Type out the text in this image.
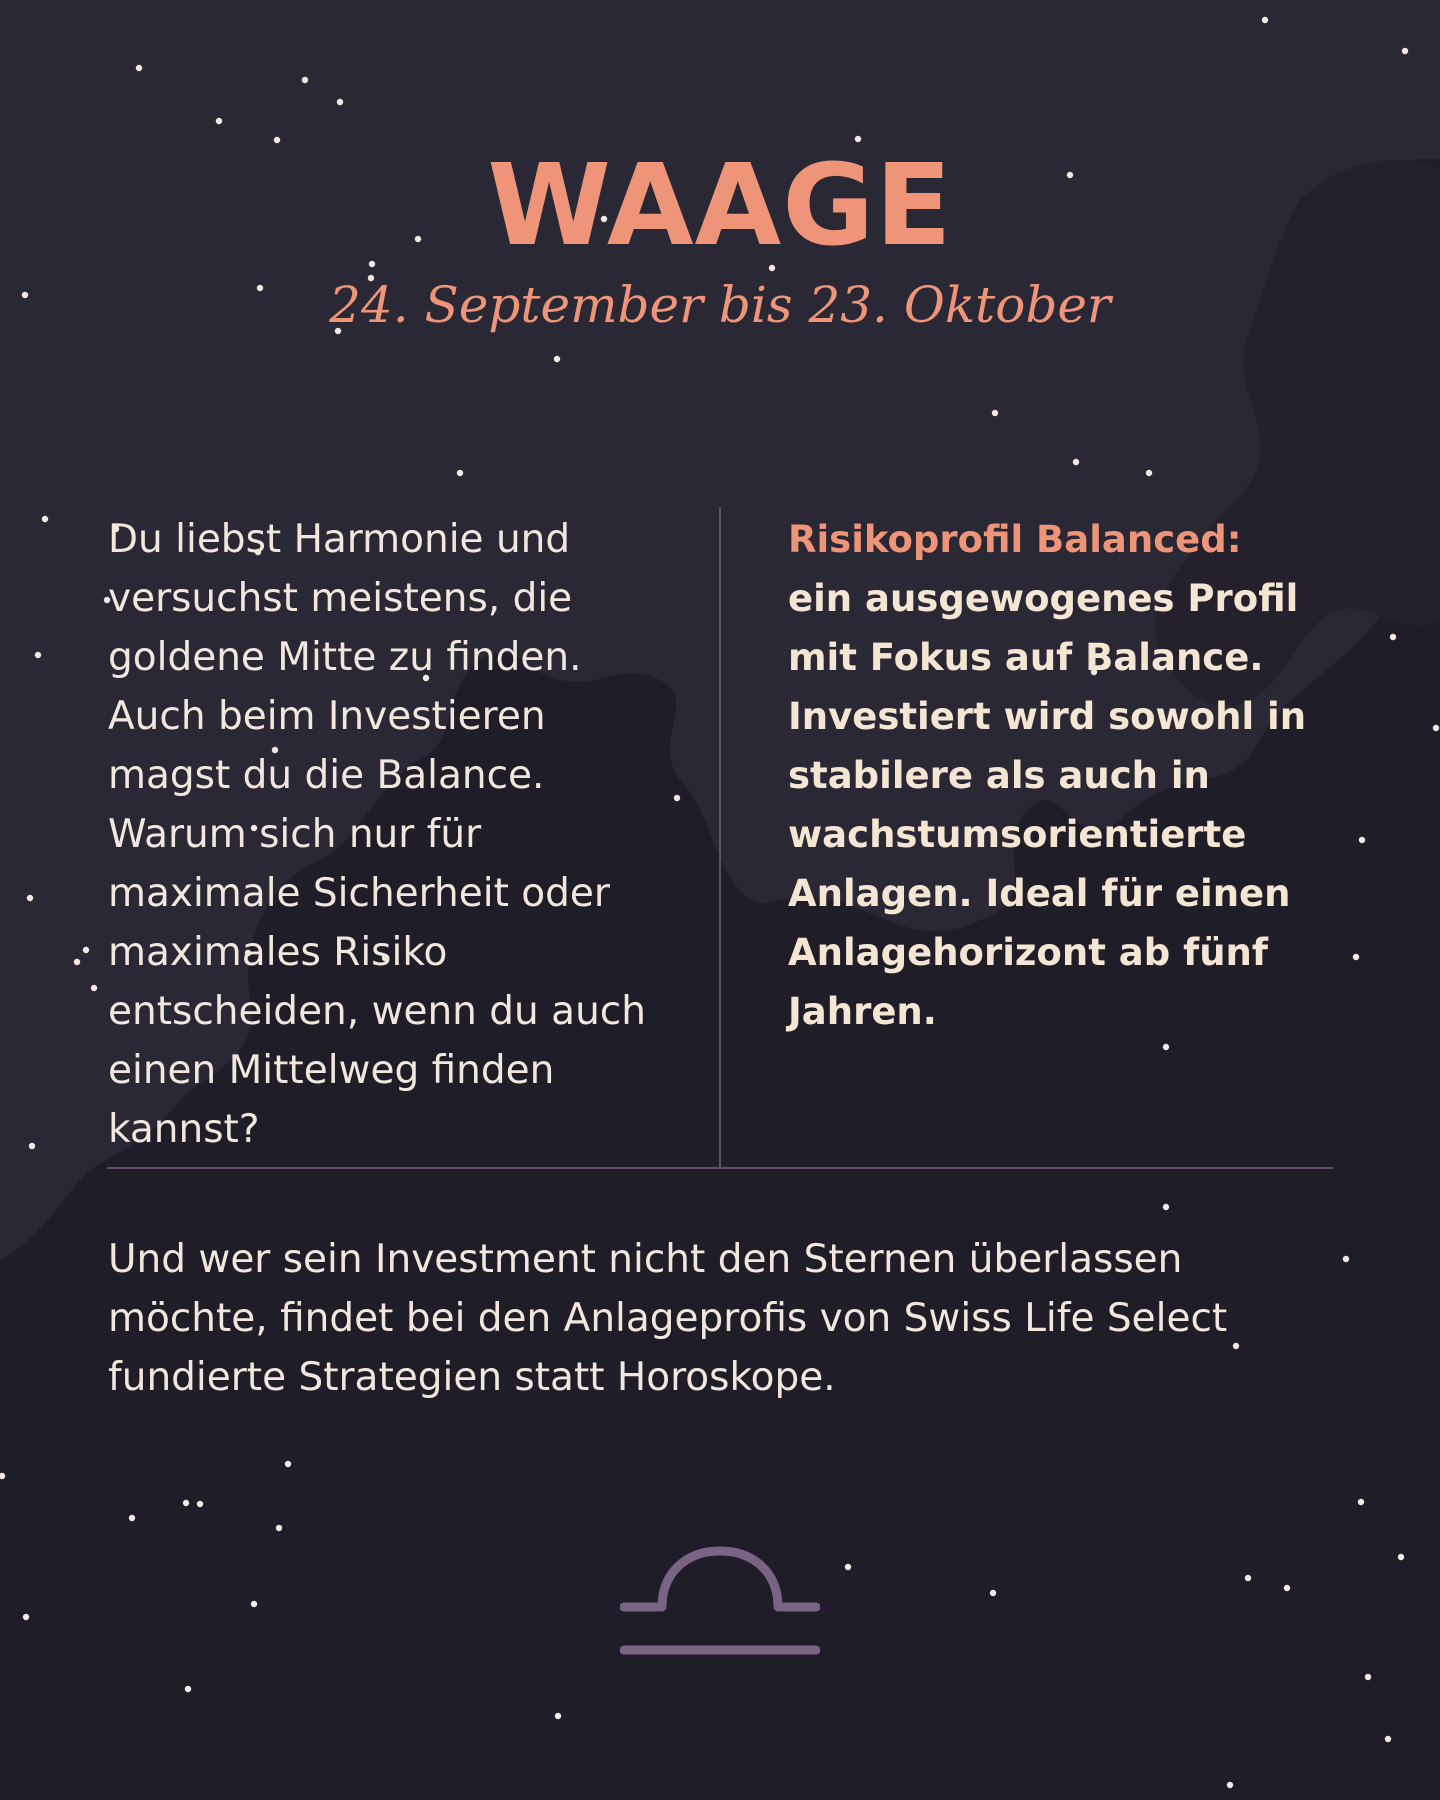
WAAGE
24. September bis 23. Oktober

Du liebst Harmonie und versuchst meistens, die goldene Mitte zu finden. Auch beim Investieren magst du die Balance. Warum sich nur für maximale Sicherheit oder maximales Risiko entscheiden, wenn du auch einen Mittelweg finden kannst?

Risikoprofil Balanced:
ein ausgewogenes Profil mit Fokus auf Balance. Investiert wird sowohl in stabilere als auch in wachstumsorientierte Anlagen. Ideal für einen Anlagehorizont ab fünf Jahren.

Und wer sein Investment nicht den Sternen überlassen möchte, findet bei den Anlageprofis von Swiss Life Select fundierte Strategien statt Horoskope.
